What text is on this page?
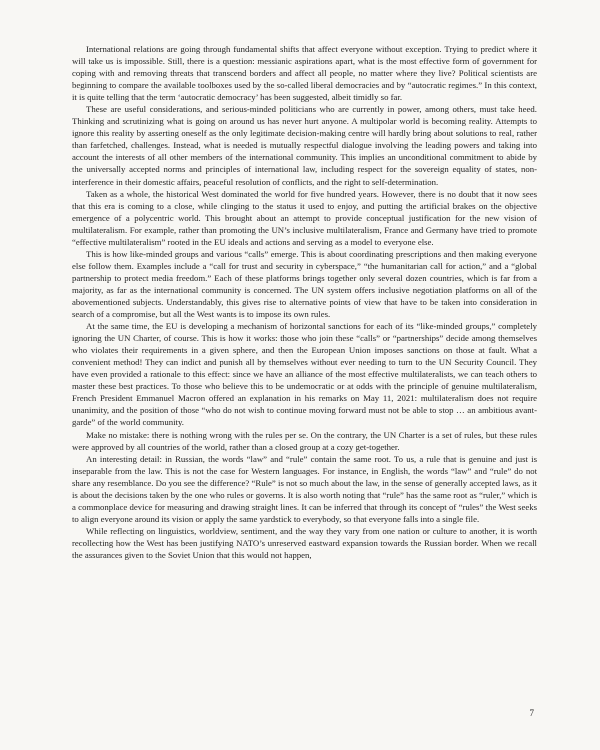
International relations are going through fundamental shifts that affect everyone without exception. Trying to predict where it will take us is impossible. Still, there is a question: messianic aspirations apart, what is the most effective form of government for coping with and removing threats that transcend borders and affect all people, no matter where they live? Political scientists are beginning to compare the available toolboxes used by the so-called liberal democracies and by “autocratic regimes.” In this context, it is quite telling that the term ‘autocratic democracy’ has been suggested, albeit timidly so far.

These are useful considerations, and serious-minded politicians who are currently in power, among others, must take heed. Thinking and scrutinizing what is going on around us has never hurt anyone. A multipolar world is becoming reality. Attempts to ignore this reality by asserting oneself as the only legitimate decision-making centre will hardly bring about solutions to real, rather than farfetched, challenges. Instead, what is needed is mutually respectful dialogue involving the leading powers and taking into account the interests of all other members of the international community. This implies an unconditional commitment to abide by the universally accepted norms and principles of international law, including respect for the sovereign equality of states, non-interference in their domestic affairs, peaceful resolution of conflicts, and the right to self-determination.

Taken as a whole, the historical West dominated the world for five hundred years. However, there is no doubt that it now sees that this era is coming to a close, while clinging to the status it used to enjoy, and putting the artificial brakes on the objective emergence of a polycentric world. This brought about an attempt to provide conceptual justification for the new vision of multilateralism. For example, rather than promoting the UN’s inclusive multilateralism, France and Germany have tried to promote “effective multilateralism” rooted in the EU ideals and actions and serving as a model to everyone else.

This is how like-minded groups and various “calls” emerge. This is about coordinating prescriptions and then making everyone else follow them. Examples include a “call for trust and security in cyberspace,” “the humanitarian call for action,” and a “global partnership to protect media freedom.” Each of these platforms brings together only several dozen countries, which is far from a majority, as far as the international community is concerned. The UN system offers inclusive negotiation platforms on all of the abovementioned subjects. Understandably, this gives rise to alternative points of view that have to be taken into consideration in search of a compromise, but all the West wants is to impose its own rules.

At the same time, the EU is developing a mechanism of horizontal sanctions for each of its “like-minded groups,” completely ignoring the UN Charter, of course. This is how it works: those who join these “calls” or “partnerships” decide among themselves who violates their requirements in a given sphere, and then the European Union imposes sanctions on those at fault. What a convenient method! They can indict and punish all by themselves without ever needing to turn to the UN Security Council. They have even provided a rationale to this effect: since we have an alliance of the most effective multilateralists, we can teach others to master these best practices. To those who believe this to be undemocratic or at odds with the principle of genuine multilateralism, French President Emmanuel Macron offered an explanation in his remarks on May 11, 2021: multilateralism does not require unanimity, and the position of those “who do not wish to continue moving forward must not be able to stop … an ambitious avant-garde” of the world community.

Make no mistake: there is nothing wrong with the rules per se. On the contrary, the UN Charter is a set of rules, but these rules were approved by all countries of the world, rather than a closed group at a cozy get-together.

An interesting detail: in Russian, the words “law” and “rule” contain the same root. To us, a rule that is genuine and just is inseparable from the law. This is not the case for Western languages. For instance, in English, the words “law” and “rule” do not share any resemblance. Do you see the difference? “Rule” is not so much about the law, in the sense of generally accepted laws, as it is about the decisions taken by the one who rules or governs. It is also worth noting that “rule” has the same root as “ruler,” which is a commonplace device for measuring and drawing straight lines. It can be inferred that through its concept of “rules” the West seeks to align everyone around its vision or apply the same yardstick to everybody, so that everyone falls into a single file.

While reflecting on linguistics, worldview, sentiment, and the way they vary from one nation or culture to another, it is worth recollecting how the West has been justifying NATO’s unreserved eastward expansion towards the Russian border. When we recall the assurances given to the Soviet Union that this would not happen,

7
